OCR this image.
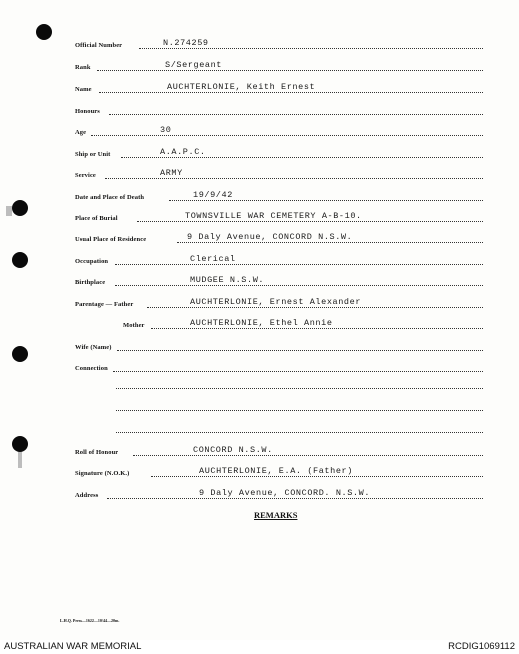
Official Number	N.274259
Rank	S/Sergeant
Name	AUCHTERLONIE, Keith Ernest
Honours
Age	30
Ship or Unit	A.A.P.C.
Service	ARMY
Date and Place of Death	19/9/42
Place of Burial	TOWNSVILLE WAR CEMETERY A-B-10.
Usual Place of Residence	9 Daly Avenue, CONCORD N.S.W.
Occupation	Clerical
Birthplace	MUDGEE N.S.W.
Parentage — Father	AUCHTERLONIE, Ernest Alexander
Mother	AUCHTERLONIE, Ethel Annie
Wife (Name)
Connection
Roll of Honour	CONCORD N.S.W.
Signature (N.O.K.)	AUCHTERLONIE, E.A. (Father)
Address	9 Daly Avenue, CONCORD. N.S.W.
REMARKS
L.H.Q. Press—1622—10/44—20m.
AUSTRALIAN WAR MEMORIAL	RCDIG1069112
